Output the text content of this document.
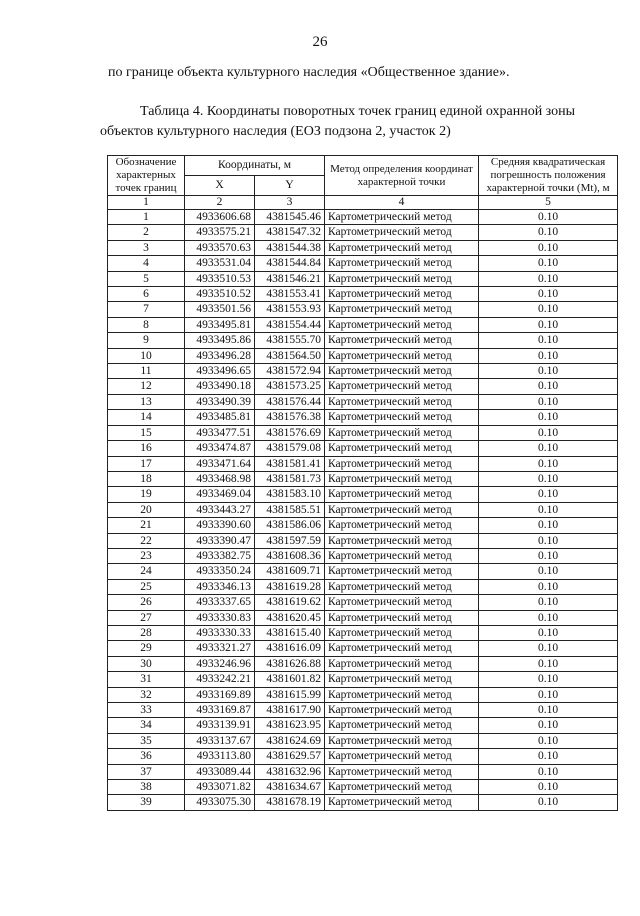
26
по границе объекта культурного наследия «Общественное здание».
Таблица 4. Координаты поворотных точек границ единой охранной зоны
объектов культурного наследия (ЕОЗ подзона 2, участок 2)
Обозначение характерных точек границ	Координаты, м		Метод определения координат характерной точки	Средняя квадратическая погрешность положения характерной точки (Mt), м
	X	Y		
1	2	3	4	5
1	4933606.68	4381545.46	Картометрический метод	0.10
2	4933575.21	4381547.32	Картометрический метод	0.10
3	4933570.63	4381544.38	Картометрический метод	0.10
4	4933531.04	4381544.84	Картометрический метод	0.10
5	4933510.53	4381546.21	Картометрический метод	0.10
6	4933510.52	4381553.41	Картометрический метод	0.10
7	4933501.56	4381553.93	Картометрический метод	0.10
8	4933495.81	4381554.44	Картометрический метод	0.10
9	4933495.86	4381555.70	Картометрический метод	0.10
10	4933496.28	4381564.50	Картометрический метод	0.10
11	4933496.65	4381572.94	Картометрический метод	0.10
12	4933490.18	4381573.25	Картометрический метод	0.10
13	4933490.39	4381576.44	Картометрический метод	0.10
14	4933485.81	4381576.38	Картометрический метод	0.10
15	4933477.51	4381576.69	Картометрический метод	0.10
16	4933474.87	4381579.08	Картометрический метод	0.10
17	4933471.64	4381581.41	Картометрический метод	0.10
18	4933468.98	4381581.73	Картометрический метод	0.10
19	4933469.04	4381583.10	Картометрический метод	0.10
20	4933443.27	4381585.51	Картометрический метод	0.10
21	4933390.60	4381586.06	Картометрический метод	0.10
22	4933390.47	4381597.59	Картометрический метод	0.10
23	4933382.75	4381608.36	Картометрический метод	0.10
24	4933350.24	4381609.71	Картометрический метод	0.10
25	4933346.13	4381619.28	Картометрический метод	0.10
26	4933337.65	4381619.62	Картометрический метод	0.10
27	4933330.83	4381620.45	Картометрический метод	0.10
28	4933330.33	4381615.40	Картометрический метод	0.10
29	4933321.27	4381616.09	Картометрический метод	0.10
30	4933246.96	4381626.88	Картометрический метод	0.10
31	4933242.21	4381601.82	Картометрический метод	0.10
32	4933169.89	4381615.99	Картометрический метод	0.10
33	4933169.87	4381617.90	Картометрический метод	0.10
34	4933139.91	4381623.95	Картометрический метод	0.10
35	4933137.67	4381624.69	Картометрический метод	0.10
36	4933113.80	4381629.57	Картометрический метод	0.10
37	4933089.44	4381632.96	Картометрический метод	0.10
38	4933071.82	4381634.67	Картометрический метод	0.10
39	4933075.30	4381678.19	Картометрический метод	0.10
